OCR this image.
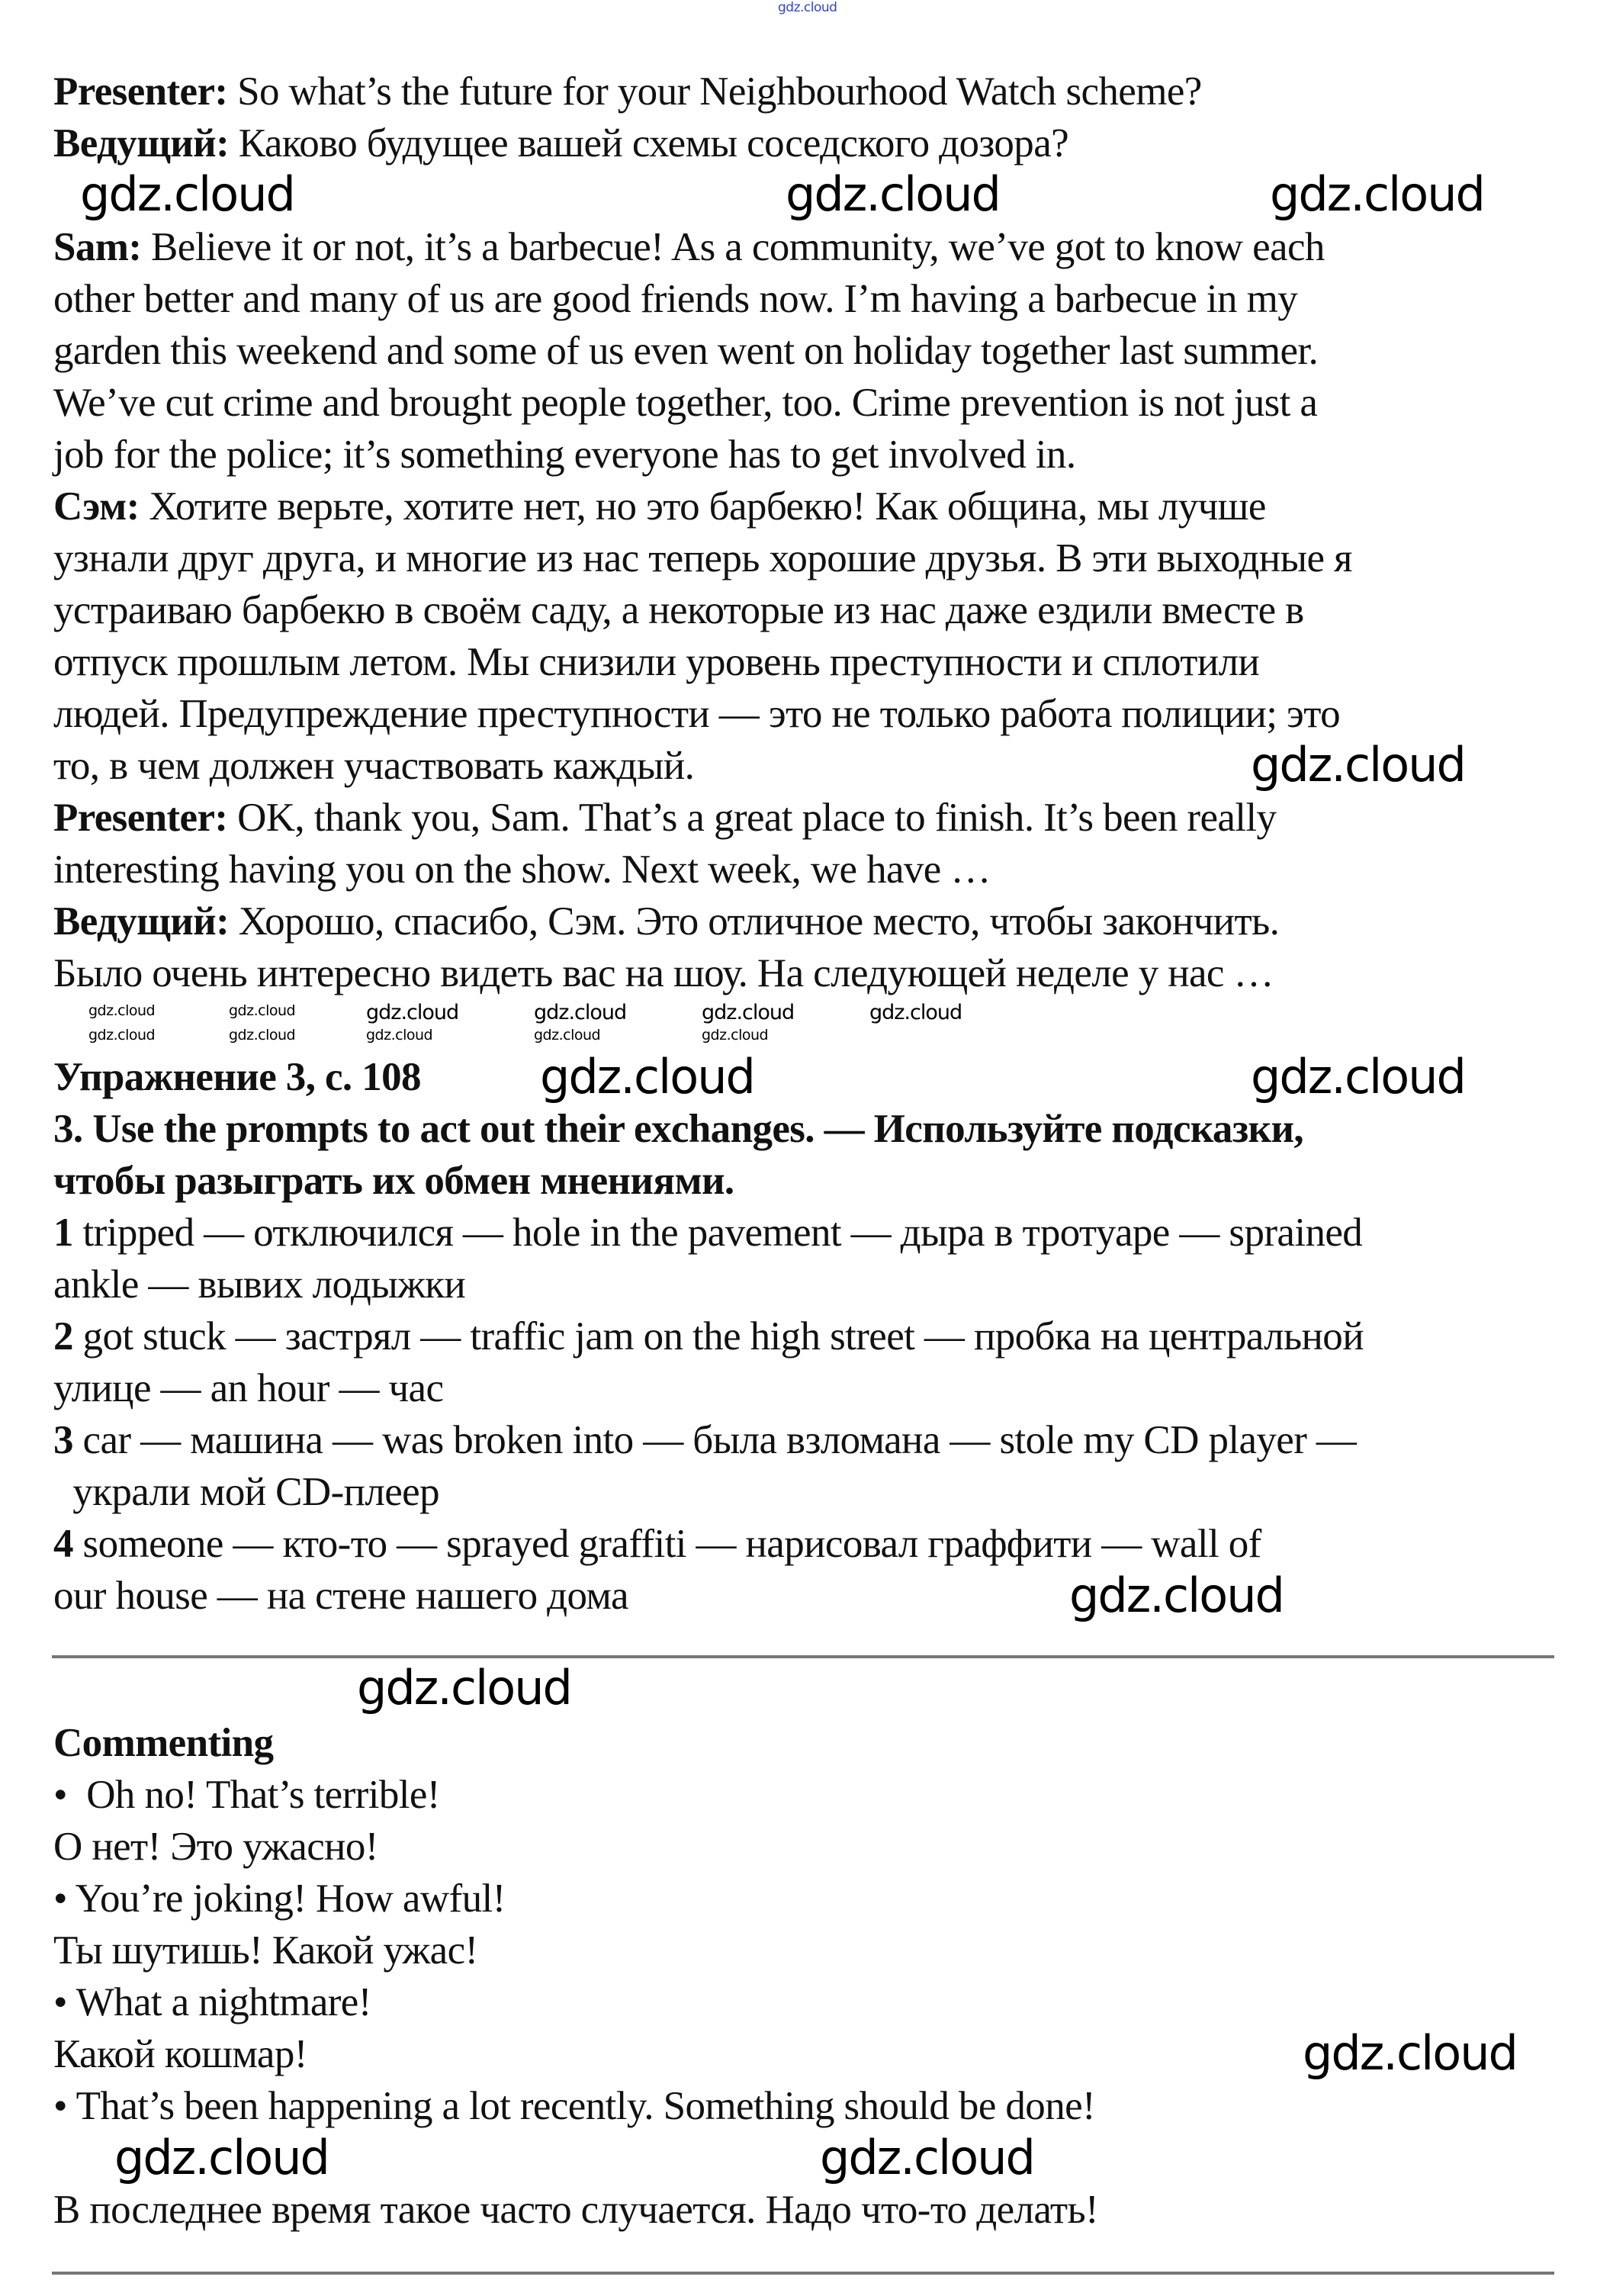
Presenter: So what’s the future for your Neighbourhood Watch scheme?
Ведущий: Каково будущее вашей схемы соседского дозора?
Sam: Believe it or not, it’s a barbecue! As a community, we’ve got to know each
other better and many of us are good friends now. I’m having a barbecue in my
garden this weekend and some of us even went on holiday together last summer.
We’ve cut crime and brought people together, too. Crime prevention is not just a
job for the police; it’s something everyone has to get involved in.
Сэм: Хотите верьте, хотите нет, но это барбекю! Как община, мы лучше
узнали друг друга, и многие из нас теперь хорошие друзья. В эти выходные я
устраиваю барбекю в своём саду, а некоторые из нас даже ездили вместе в
отпуск прошлым летом. Мы снизили уровень преступности и сплотили
людей. Предупреждение преступности — это не только работа полиции; это
то, в чем должен участвовать каждый.
Presenter: OK, thank you, Sam. That’s a great place to finish. It’s been really
interesting having you on the show. Next week, we have …
Ведущий: Хорошо, спасибо, Сэм. Это отличное место, чтобы закончить.
Было очень интересно видеть вас на шоу. На следующей неделе у нас …
Упражнение 3, с. 108
3. Use the prompts to act out their exchanges. — Используйте подсказки,
чтобы разыграть их обмен мнениями.
1 tripped — отключился — hole in the pavement — дыра в тротуаре — sprained
ankle — вывих лодыжки
2 got stuck — застрял — traffic jam on the high street — пробка на центральной
улице — an hour — час
3 car — машина — was broken into — была взломана — stole my CD player —
украли мой CD-плеер
4 someone — кто-то — sprayed graffiti — нарисовал граффити — wall of
our house — на стене нашего дома
Commenting
•  Oh no! That’s terrible!
О нет! Это ужасно!
• You’re joking! How awful!
Ты шутишь! Какой ужас!
• What a nightmare!
Какой кошмар!
• That’s been happening a lot recently. Something should be done!
В последнее время такое часто случается. Надо что-то делать!
gdz.cloud
gdz.cloud	gdz.cloud	gdz.cloud
gdz.cloud
gdz.cloud	gdz.cloud
gdz.cloud
gdz.cloud
gdz.cloud
gdz.cloud	gdz.cloud
gdz.cloud	gdz.cloud	gdz.cloud	gdz.cloud	gdz.cloud	gdz.cloud
gdz.cloud	gdz.cloud	gdz.cloud	gdz.cloud	gdz.cloud
